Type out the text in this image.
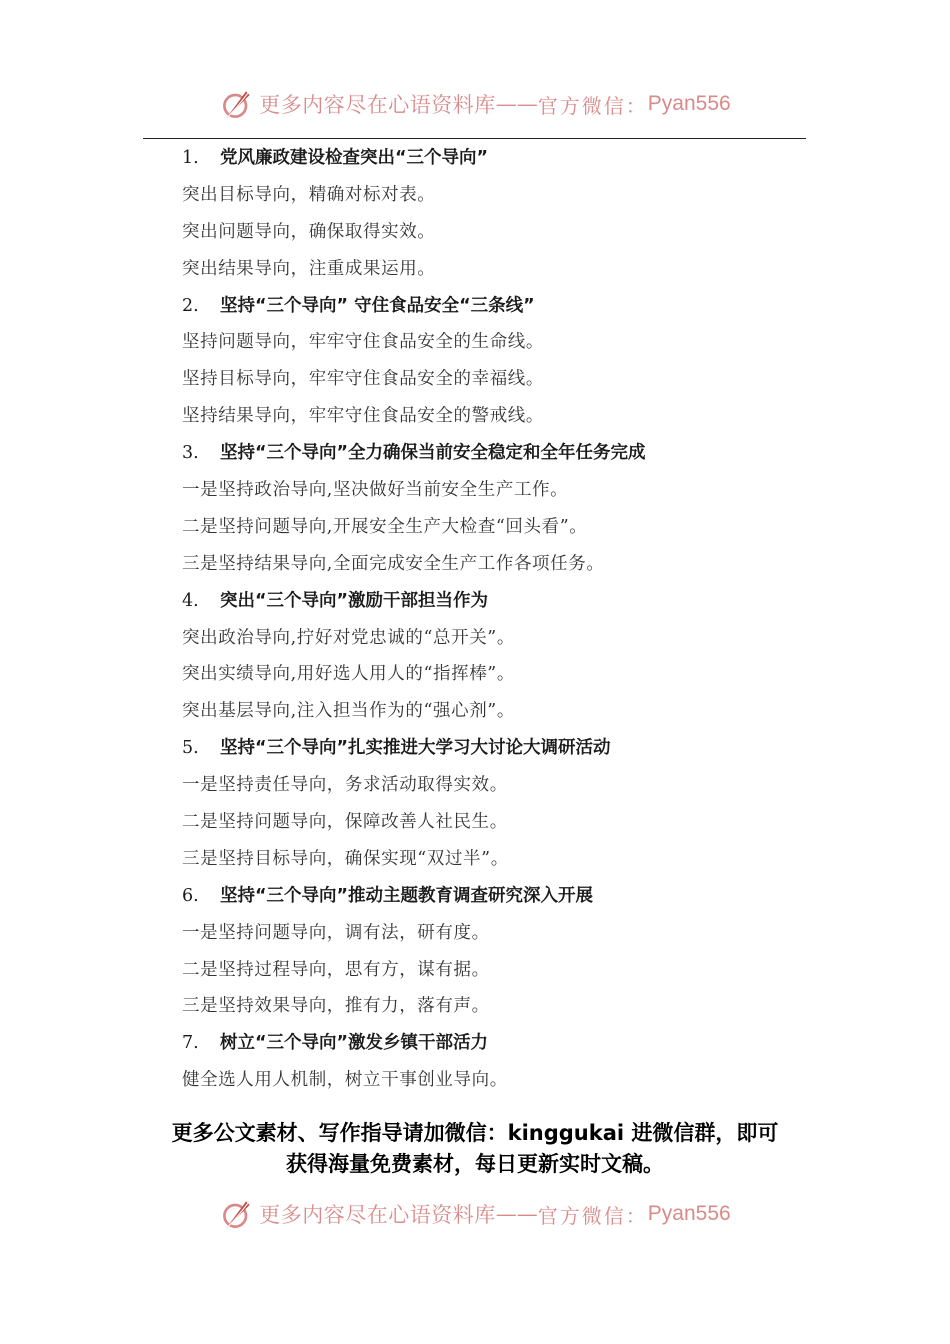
更多内容尽在心语资料库 —— 官方微信： Pyan556
1. 党风廉政建设检查突出“三个导向”
突出目标导向，精确对标对表。
突出问题导向，确保取得实效。
突出结果导向，注重成果运用。
2. 坚持“三个导向” 守住食品安全“三条线”
坚持问题导向，牢牢守住食品安全的生命线。
坚持目标导向，牢牢守住食品安全的幸福线。
坚持结果导向，牢牢守住食品安全的警戒线。
3. 坚持“三个导向”全力确保当前安全稳定和全年任务完成
一是坚持政治导向,坚决做好当前安全生产工作。
二是坚持问题导向,开展安全生产大检查“回头看”。
三是坚持结果导向,全面完成安全生产工作各项任务。
4. 突出“三个导向”激励干部担当作为
突出政治导向,拧好对党忠诚的“总开关”。
突出实绩导向,用好选人用人的“指挥棒”。
突出基层导向,注入担当作为的“强心剂”。
5. 坚持“三个导向”扎实推进大学习大讨论大调研活动
一是坚持责任导向，务求活动取得实效。
二是坚持问题导向，保障改善人社民生。
三是坚持目标导向，确保实现“双过半”。
6. 坚持“三个导向”推动主题教育调查研究深入开展
一是坚持问题导向，调有法，研有度。
二是坚持过程导向，思有方，谋有据。
三是坚持效果导向，推有力，落有声。
7. 树立“三个导向”激发乡镇干部活力
健全选人用人机制，树立干事创业导向。
更多公文素材、写作指导请加微信：kinggukai 进微信群，即可
获得海量免费素材，每日更新实时文稿。
更多内容尽在心语资料库 —— 官方微信： Pyan556
